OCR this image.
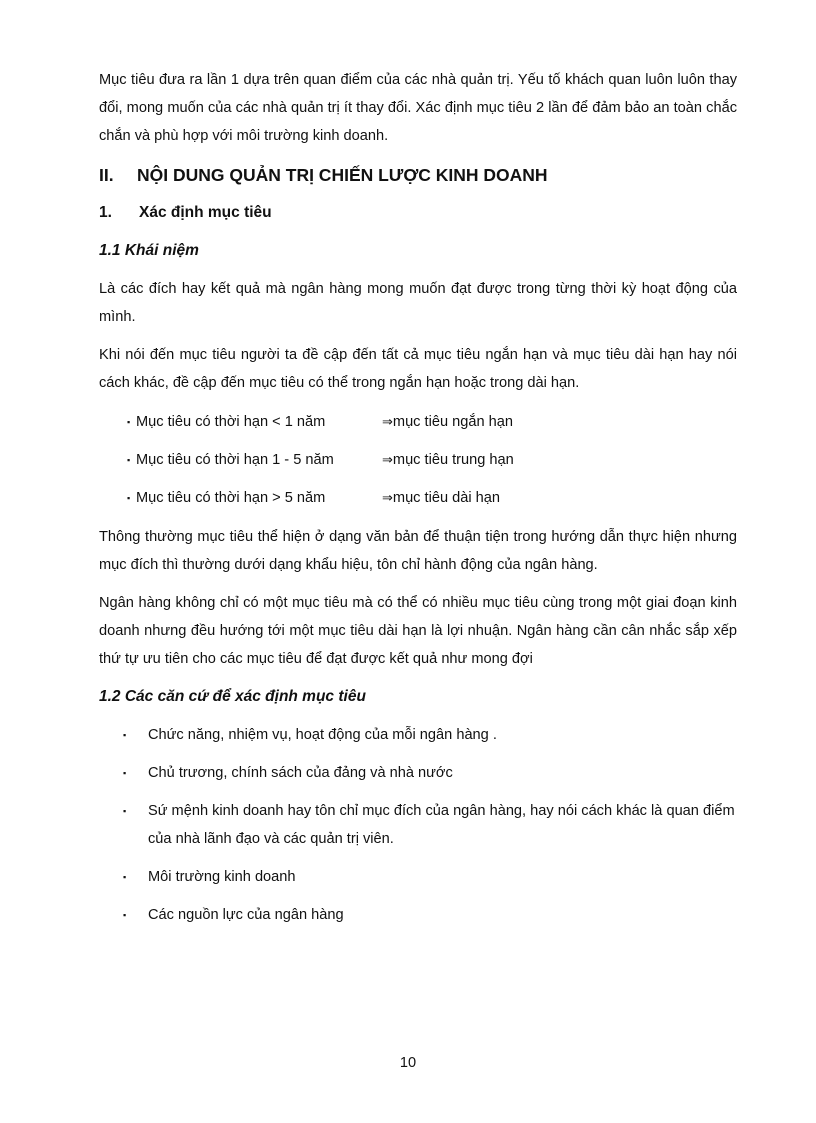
Mục tiêu đưa ra lần 1 dựa trên quan điểm của các nhà quản trị. Yếu tố khách quan luôn luôn thay đổi, mong muốn của các nhà quản trị ít thay đổi. Xác định mục tiêu 2 lần để đảm bảo an toàn chắc chắn và phù hợp với môi trường kinh doanh.

II. NỘI DUNG QUẢN TRỊ CHIẾN LƯỢC KINH DOANH
1. Xác định mục tiêu
1.1 Khái niệm

Là các đích hay kết quả mà ngân hàng mong muốn đạt được trong từng thời kỳ hoạt động của mình.

Khi nói đến mục tiêu người ta đề cập đến tất cả mục tiêu ngắn hạn và mục tiêu dài hạn hay nói cách khác, đề cập đến mục tiêu có thể trong ngắn hạn hoặc trong dài hạn.

▪ Mục tiêu có thời hạn < 1 năm	⇒mục tiêu ngắn hạn
▪ Mục tiêu có thời hạn 1 - 5 năm	⇒mục tiêu trung hạn
▪ Mục tiêu có thời hạn > 5 năm	⇒mục tiêu dài hạn

Thông thường mục tiêu thể hiện ở dạng văn bản để thuận tiện trong hướng dẫn thực hiện nhưng mục đích thì thường dưới dạng khẩu hiệu, tôn chỉ hành động của ngân hàng.

Ngân hàng không chỉ có một mục tiêu mà có thể có nhiều mục tiêu cùng trong một giai đoạn kinh doanh nhưng đều hướng tới một mục tiêu dài hạn là lợi nhuận. Ngân hàng cần cân nhắc sắp xếp thứ tự ưu tiên cho các mục tiêu để đạt được kết quả như mong đợi

1.2 Các căn cứ để xác định mục tiêu
▪ Chức năng, nhiệm vụ, hoạt động của mỗi ngân hàng .
▪ Chủ trương, chính sách của đảng và nhà nước
▪ Sứ mệnh kinh doanh hay tôn chỉ mục đích của ngân hàng, hay nói cách khác là quan điểm của nhà lãnh đạo và các quản trị viên.
▪ Môi trường kinh doanh
▪ Các nguồn lực của ngân hàng
10
